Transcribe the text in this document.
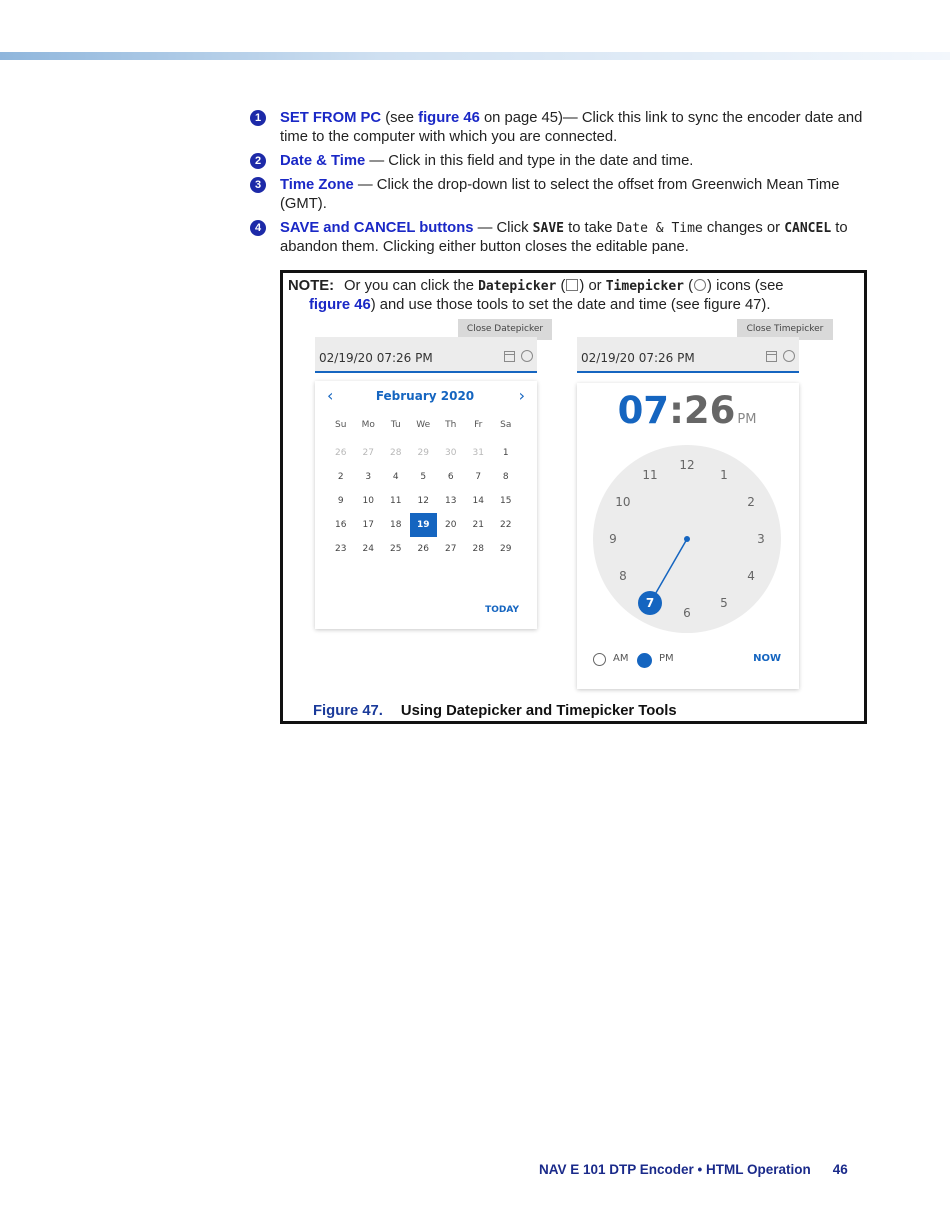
1	SET FROM PC (see figure 46 on page 45)— Click this link to sync the encoder date and time to the computer with which you are connected.
2	Date & Time — Click in this field and type in the date and time.
3	Time Zone — Click the drop-down list to select the offset from Greenwich Mean Time (GMT).
4	SAVE and CANCEL buttons — Click SAVE to take Date & Time changes or CANCEL to abandon them. Clicking either button closes the editable pane.
NOTE: Or you can click the Datepicker ( ) or Timepicker ( ) icons (see
figure 46) and use those tools to set the date and time (see figure 47).
Close Datepicker
02/19/20 07:26 PM
‹	February 2020	›
Su	Mo	Tu	We	Th	Fr	Sa
26	27	28	29	30	31	1
2	3	4	5	6	7	8
9	10	11	12	13	14	15
16	17	18	19	20	21	22
23	24	25	26	27	28	29
TODAY
Close Timepicker
02/19/20 07:26 PM
07:26 PM
12
1
2
3
4
5
6
7
8
9
10
11
AM	PM	NOW
Figure 47. Using Datepicker and Timepicker Tools
NAV E 101 DTP Encoder • HTML Operation 46
